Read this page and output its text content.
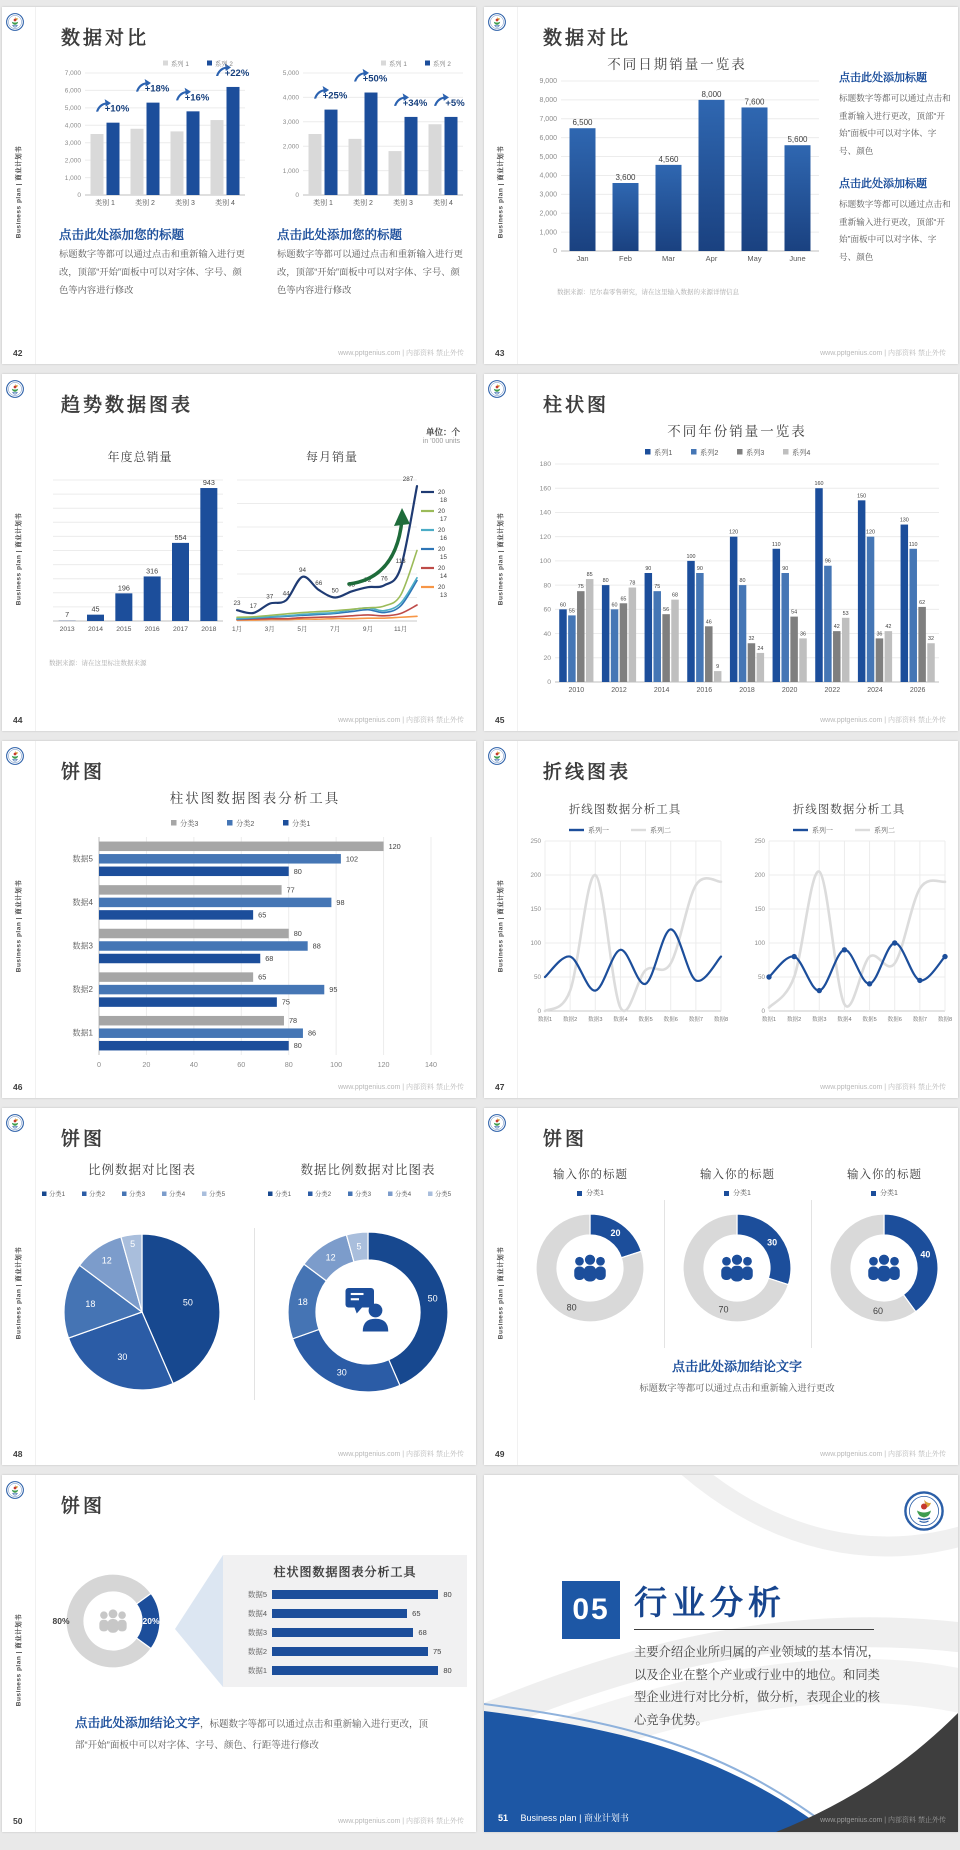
Business plan | 商业计划书
数据对比
0
1,000
2,000
3,000
4,000
5,000
6,000
7,000
类别 1	类别 2	类别 3	类别 4
+10%
+18%
+16%
+22%
系列 1	系列 2
0
1,000
2,000
3,000
4,000
5,000
类别 1	类别 2	类别 3	类别 4
+25%
+50%
+34% +5%
系列 1	系列 2
点击此处添加您的标题
标题数字等都可以通过点击和重新输入进行更改，顶部“开始”面板中可以对字体、字号、颜色等内容进行修改
点击此处添加您的标题
标题数字等都可以通过点击和重新输入进行更改，顶部“开始”面板中可以对字体、字号、颜色等内容进行修改
42	www.pptgenius.com | 内部资料 禁止外传
Business plan | 商业计划书
数据对比
不同日期销量一览表
0
1,000
2,000
3,000
4,000
5,000
6,000
7,000
8,000
9,000
6,500
3,600
4,560
8,000
7,600
5,600
Jan	Feb	Mar	Apr	May	June
数据来源：尼尔森零售研究，请在这里输入数据的来源详情信息
点击此处添加标题
标题数字等都可以通过点击和重新输入进行更改，顶部“开始”面板中可以对字体、字号、颜色
点击此处添加标题
标题数字等都可以通过点击和重新输入进行更改，顶部“开始”面板中可以对字体、字号、颜色
43	www.pptgenius.com | 内部资料 禁止外传
Business plan | 商业计划书
趋势数据图表
单位：个
in '000 units
年度总销量	每月销量
7
45
196
316
554
943
2013 2014 2015 2016 2017 2018 1月	3月	5月	7月	9月	11月
23 17
37 44
94
66
50
63
72 76
113
287
20
18
20
17
20
16
20
15
20
14
20
13
数据来源：请在这里标注数据来源
44	www.pptgenius.com | 内部资料 禁止外传
Business plan | 商业计划书
柱状图
不同年份销量一览表
0
20
40
60
80
100
120
140
160
180
60
80
90
100
120
110
160
150
130
55
60
75
90
80
90
96
120
110
75
65
56
46
32
54
42
36
62
85
78
68
9
24
36
53
42
32
2010	2012	2014	2016	2018	2020	2022	2024	2026
系列1	系列2	系列3	系列4
45	www.pptgenius.com | 内部资料 禁止外传
Business plan | 商业计划书
饼图
柱状图数据图表分析工具
分类3	分类2	分类1
0	20	40	60	80	100	120	140
数据5
120
102
80
数据4
77
98
65
数据3
80
88
68
数据2
65
95
75
数据1
78
86
80
46	www.pptgenius.com | 内部资料 禁止外传
Business plan | 商业计划书
折线图表
折线图数据分析工具
0
50
100
150
200
250
数据1 数据2 数据3 数据4 数据5 数据6 数据7 数据8
系列一	系列二
折线图数据分析工具
0
50
100
150
200
250
数据1 数据2 数据3 数据4 数据5 数据6 数据7 数据8
系列一	系列二
47	www.pptgenius.com | 内部资料 禁止外传
Business plan | 商业计划书
饼图
比例数据对比图表
分类1	分类2	分类3	分类4	分类5
50
30
18
12
5
数据比例数据对比图表
分类1	分类2	分类3	分类4	分类5
50
30
18
12
5
48	www.pptgenius.com | 内部资料 禁止外传
Business plan | 商业计划书
饼图
输入你的标题	输入你的标题	输入你的标题
分类1	分类1	分类1
20
80
30
70
40
60
点击此处添加结论文字
标题数字等都可以通过点击和重新输入进行更改
49	www.pptgenius.com | 内部资料 禁止外传
Business plan | 商业计划书
饼图
20%
80%
柱状图数据图表分析工具
数据5	80
数据4	65
数据3	68
数据2	75
数据1	80
点击此处添加结论文字，标题数字等都可以通过点击和重新输入进行更改，顶部“开始”面板中可以对字体、字号、颜色、行距等进行修改
50	www.pptgenius.com | 内部资料 禁止外传
05 行业分析
主要介绍企业所归属的产业领域的基本情况，以及企业在整个产业或行业中的地位。和同类型企业进行对比分析，做分析，表现企业的核心竞争优势。
51 Business plan | 商业计划书	www.pptgenius.com | 内部资料 禁止外传
